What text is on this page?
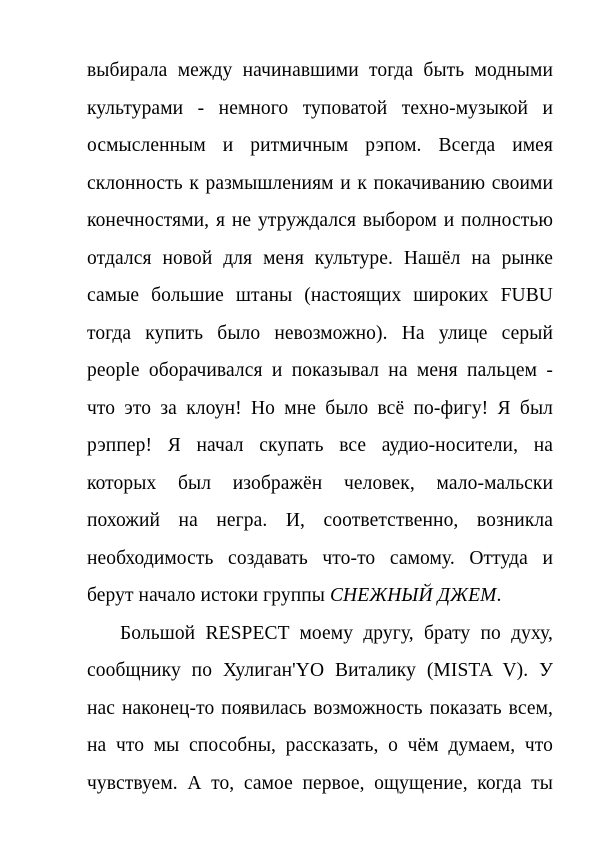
выбирала между начинавшими тогда быть модными
культурами - немного туповатой техно-музыкой и
осмысленным и ритмичным рэпом. Всегда имея
склонность к размышлениям и к покачиванию своими
конечностями, я не утруждался выбором и полностью
отдался новой для меня культуре. Нашёл на рынке
самые большие штаны (настоящих широких FUBU
тогда купить было невозможно). На улице серый
people оборачивался и показывал на меня пальцем -
что это за клоун! Но мне было всё по-фигу! Я был
рэппер! Я начал скупать все аудио-носители, на
которых был изображён человек, мало-мальски
похожий на негра. И, соответственно, возникла
необходимость создавать что-то самому. Оттуда и
берут начало истоки группы СНЕЖНЫЙ ДЖЕМ.
Большой RESPECT моему другу, брату по духу,
сообщнику по Хулиган'YO Виталику (MISTA V). У
нас наконец-то появилась возможность показать всем,
на что мы способны, рассказать, о чём думаем, что
чувствуем. А то, самое первое, ощущение, когда ты
